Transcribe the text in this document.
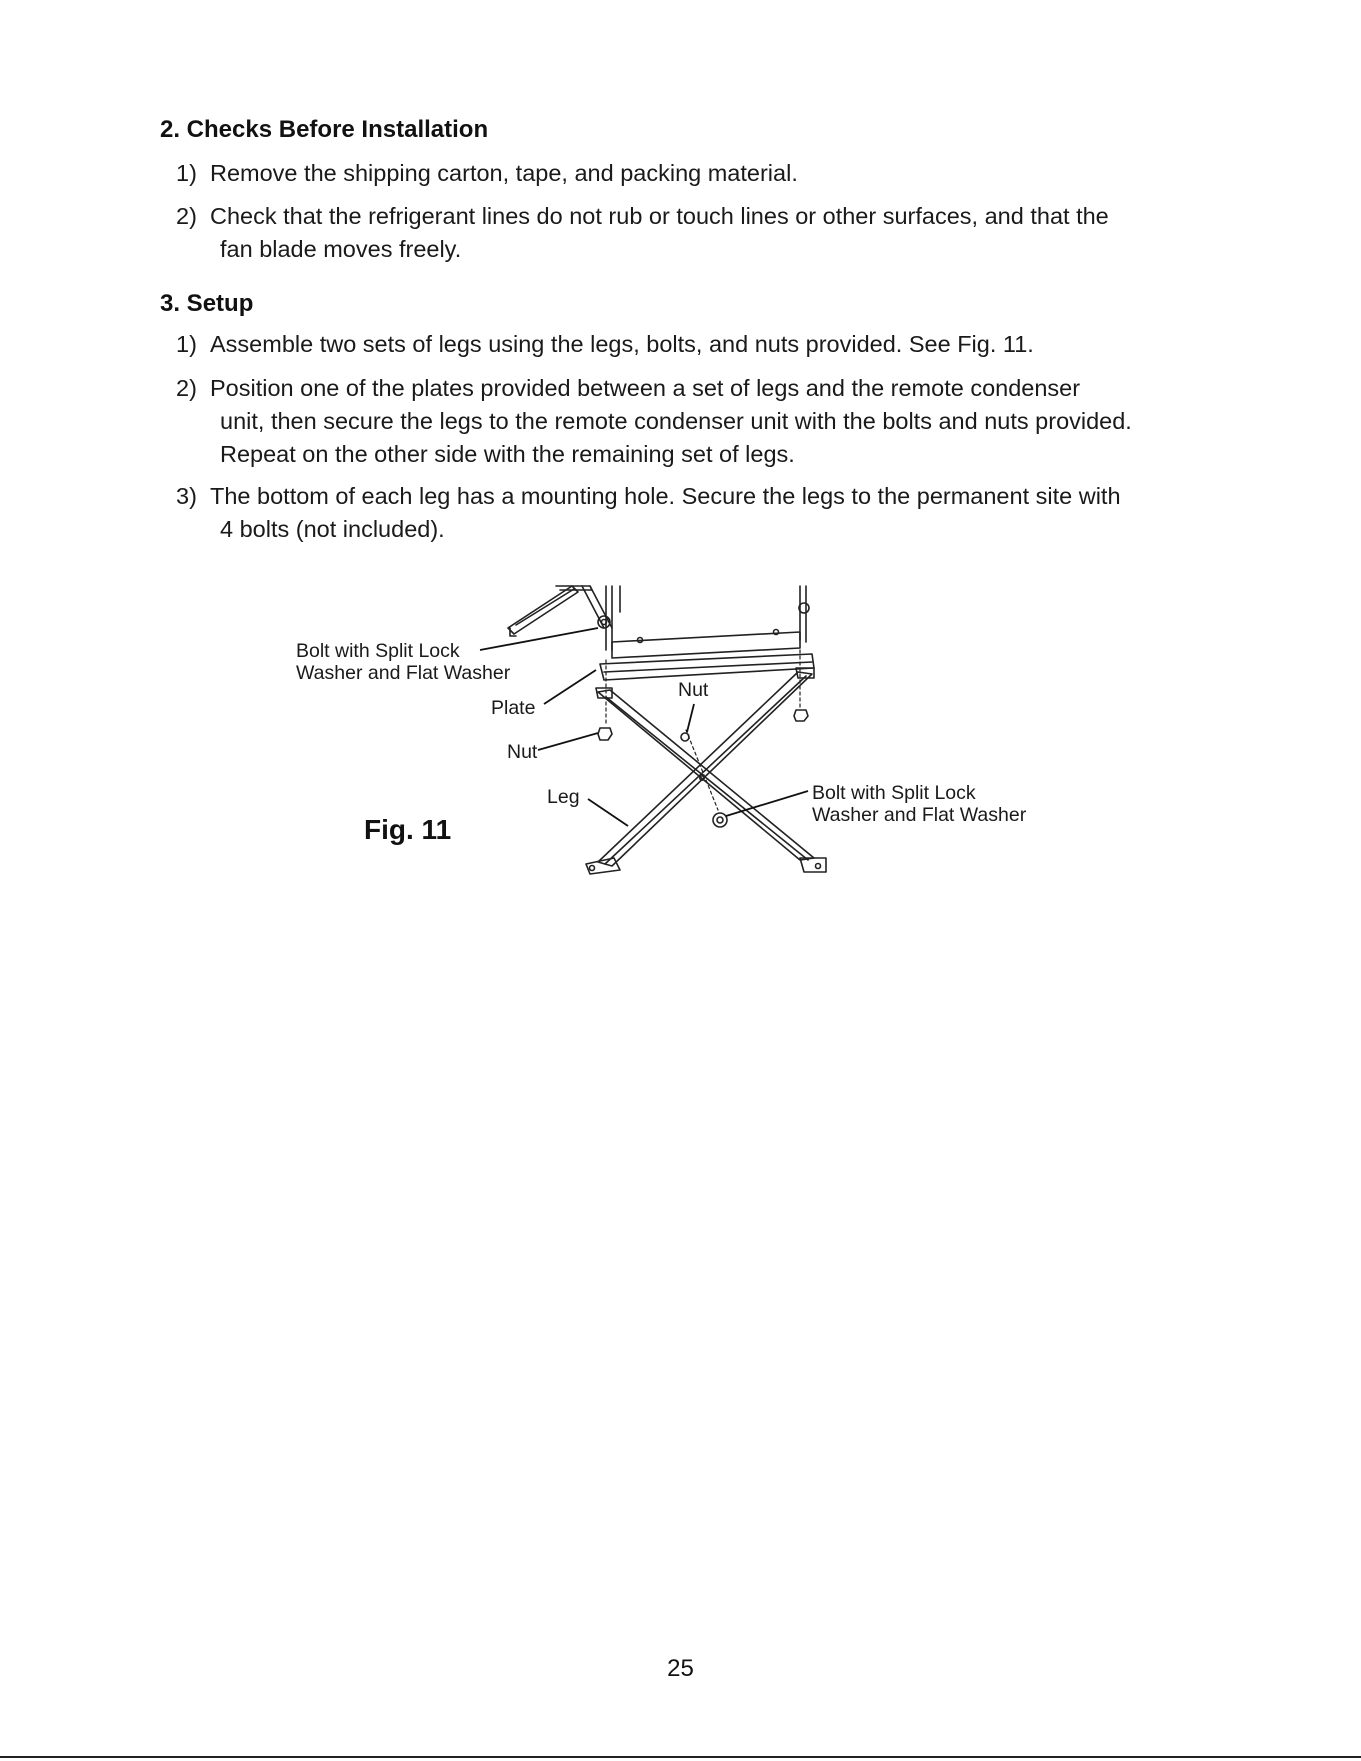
2. Checks Before Installation
1) Remove the shipping carton, tape, and packing material.
2) Check that the refrigerant lines do not rub or touch lines or other surfaces, and that the
fan blade moves freely.
3. Setup
1) Assemble two sets of legs using the legs, bolts, and nuts provided. See Fig. 11.
2) Position one of the plates provided between a set of legs and the remote condenser
unit, then secure the legs to the remote condenser unit with the bolts and nuts provided.
Repeat on the other side with the remaining set of legs.
3) The bottom of each leg has a mounting hole. Secure the legs to the permanent site with
4 bolts (not included).
Bolt with Split Lock
Washer and Flat Washer
Plate
Nut
Nut
Leg	Bolt with Split Lock
Washer and Flat Washer
Fig. 11
25
